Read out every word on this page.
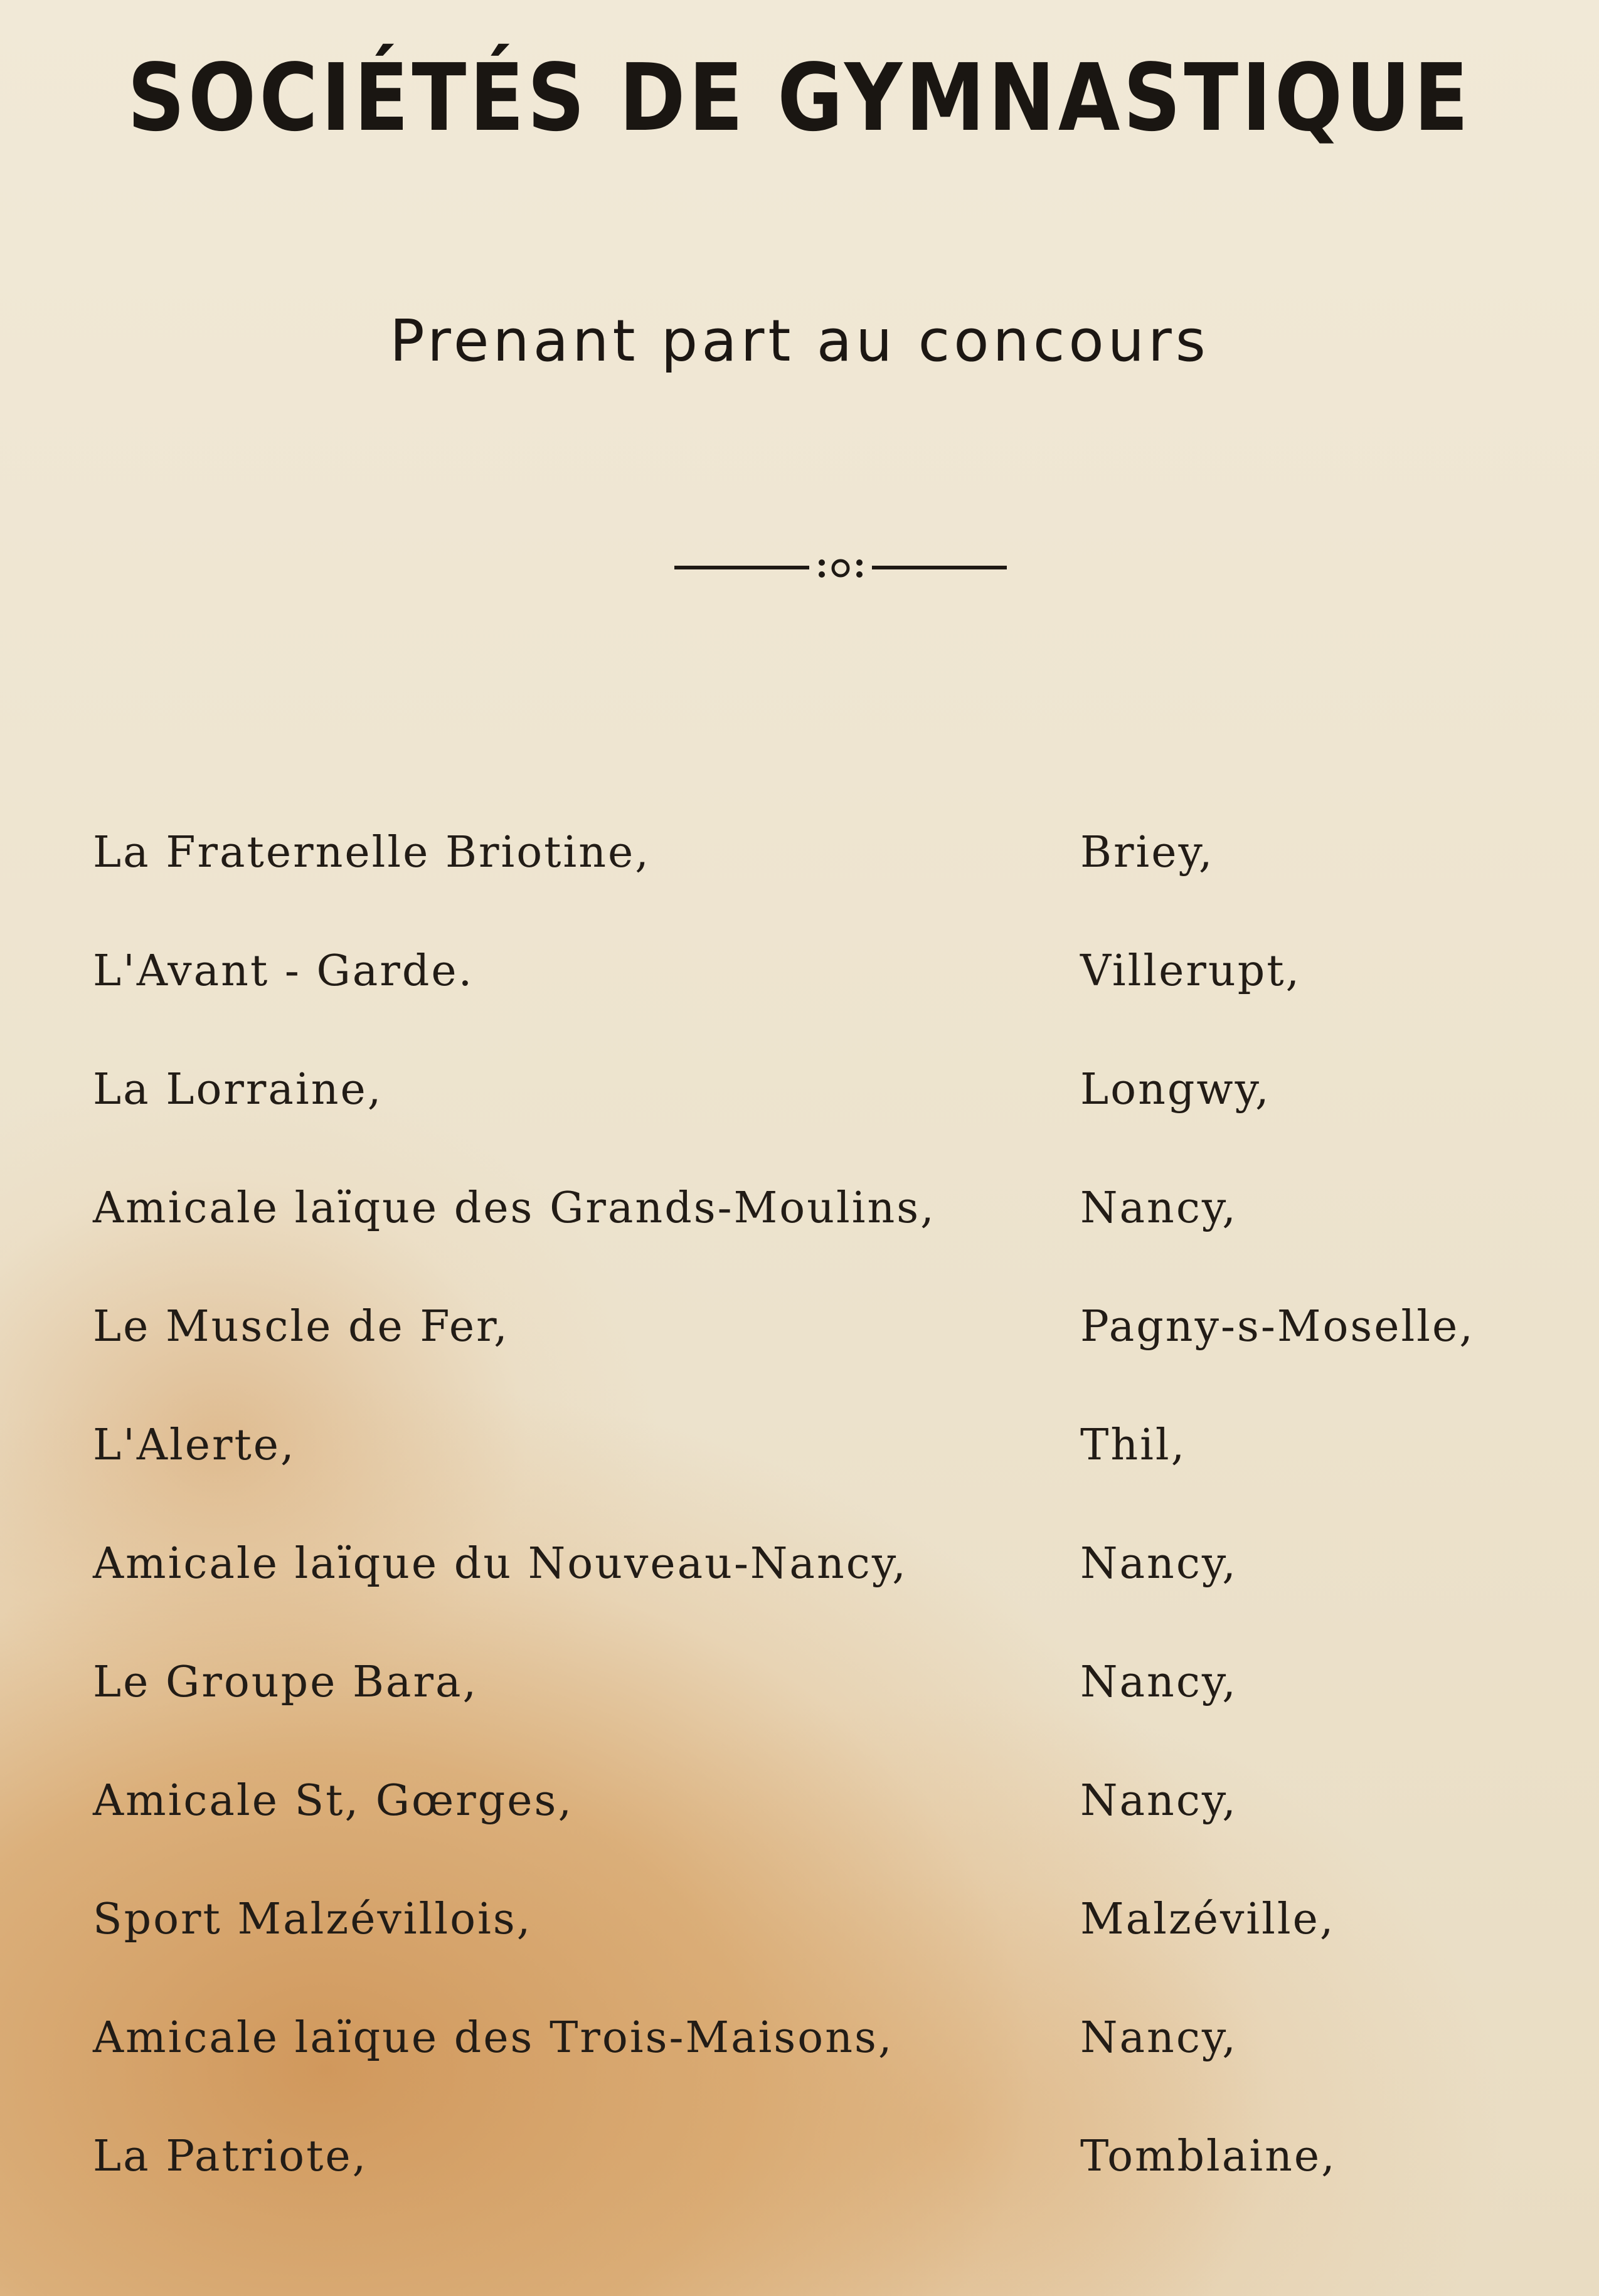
SOCIÉTÉS DE GYMNASTIQUE
Prenant part au concours
La Fraternelle Briotine,	Briey,
L'Avant - Garde.	Villerupt,
La Lorraine,	Longwy,
Amicale laïque des Grands-Moulins,	Nancy,
Le Muscle de Fer,	Pagny-s-Moselle,
L'Alerte,	Thil,
Amicale laïque du Nouveau-Nancy,	Nancy,
Le Groupe Bara,	Nancy,
Amicale St, Gœrges,	Nancy,
Sport Malzévillois,	Malzéville,
Amicale laïque des Trois-Maisons,	Nancy,
La Patriote,	Tomblaine,
